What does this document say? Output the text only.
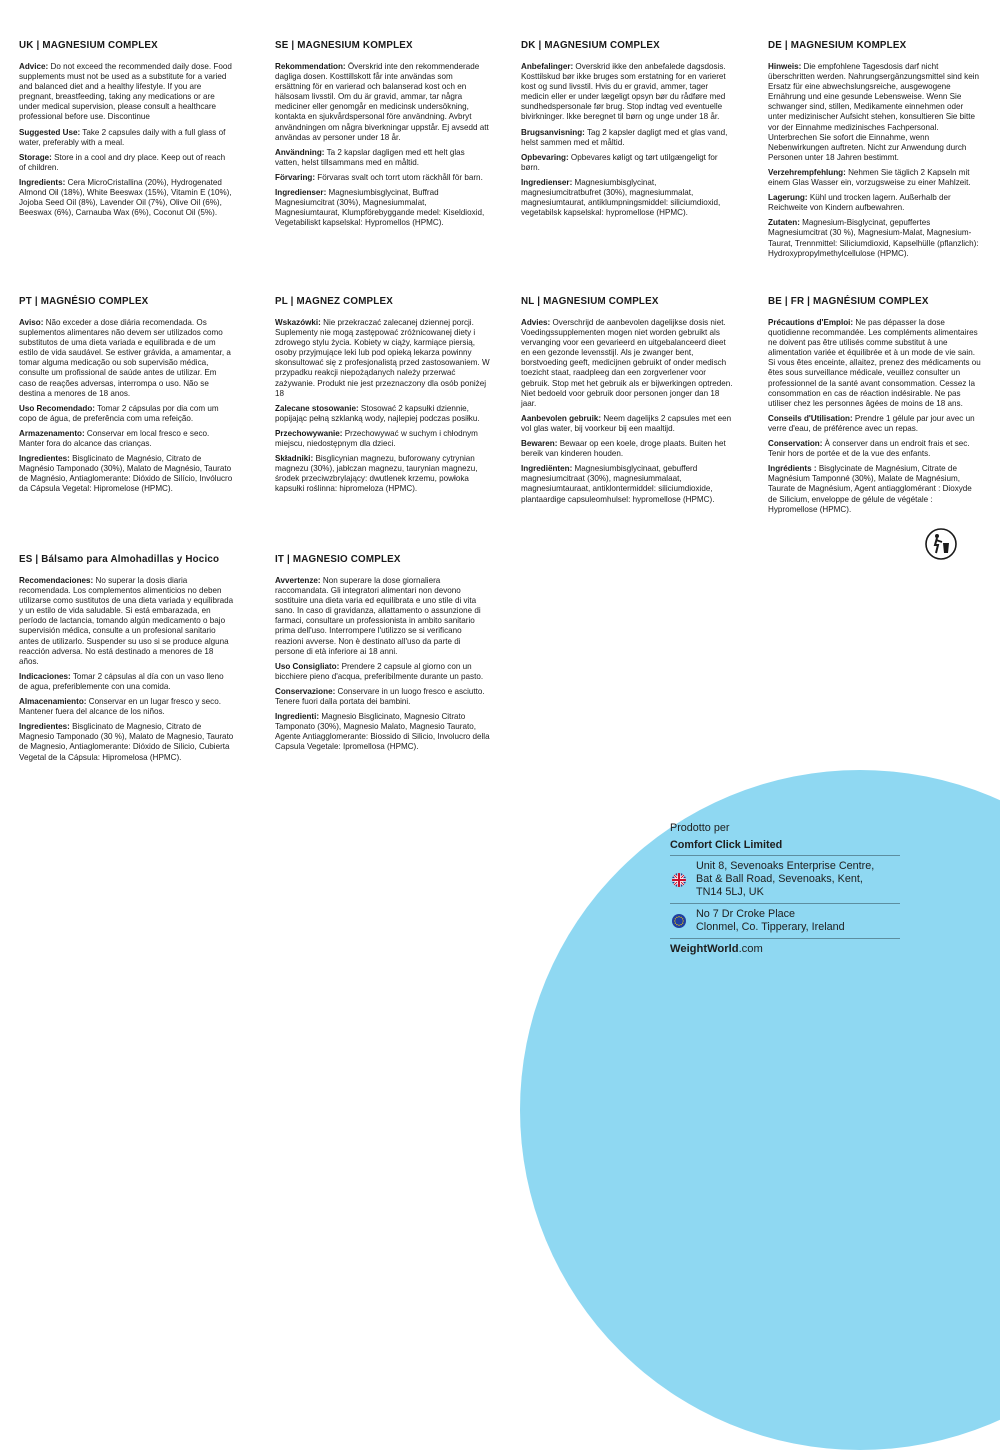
UK | MAGNESIUM COMPLEX

Advice: Do not exceed the recommended daily dose. Food supplements must not be used as a substitute for a varied and balanced diet and a healthy lifestyle. If you are pregnant, breastfeeding, taking any medications or are under medical supervision, please consult a healthcare professional before use. Discontinue

Suggested Use: Take 2 capsules daily with a full glass of water, preferably with a meal.

Storage: Store in a cool and dry place. Keep out of reach of children.

Ingredients: Cera MicroCristallina (20%), Hydrogenated Almond Oil (18%), White Beeswax (15%), Vitamin E (10%), Jojoba Seed Oil (8%), Lavender Oil (7%), Olive Oil (6%), Beeswax (6%), Carnauba Wax (6%), Coconut Oil (5%).

SE | MAGNESIUM KOMPLEX

Rekommendation: Överskrid inte den rekommenderade dagliga dosen. Kosttillskott får inte användas som ersättning för en varierad och balanserad kost och en hälsosam livsstil. Om du är gravid, ammar, tar några mediciner eller genomgår en medicinsk undersökning, kontakta en sjukvårdspersonal före användning. Avbryt användningen om några biverkningar uppstår. Ej avsedd att användas av personer under 18 år.

Användning: Ta 2 kapslar dagligen med ett helt glas vatten, helst tillsammans med en måltid.

Förvaring: Förvaras svalt och torrt utom räckhåll för barn.

Ingredienser: Magnesiumbisglycinat, Buffrad Magnesiumcitrat (30%), Magnesiummalat, Magnesiumtaurat, Klumpförebyggande medel: Kiseldioxid, Vegetabiliskt kapselskal: Hypromellos (HPMC).

DK | MAGNESIUM COMPLEX

Anbefalinger: Overskrid ikke den anbefalede dagsdosis. Kosttilskud bør ikke bruges som erstatning for en varieret kost og sund livsstil. Hvis du er gravid, ammer, tager medicin eller er under lægeligt opsyn bør du rådføre med sundhedspersonale før brug. Stop indtag ved eventuelle bivirkninger. Ikke beregnet til børn og unge under 18 år.

Brugsanvisning: Tag 2 kapsler dagligt med et glas vand, helst sammen med et måltid.

Opbevaring: Opbevares køligt og tørt utilgængeligt for børn.

Ingredienser: Magnesiumbisglycinat, magnesiumcitratbufret (30%), magnesiummalat, magnesiumtaurat, antiklumpningsmiddel: siliciumdioxid, vegetabilsk kapselskal: hypromellose (HPMC).

DE | MAGNESIUM KOMPLEX

Hinweis: Die empfohlene Tagesdosis darf nicht überschritten werden. Nahrungsergänzungsmittel sind kein Ersatz für eine abwechslungsreiche, ausgewogene Ernährung und eine gesunde Lebensweise. Wenn Sie schwanger sind, stillen, Medikamente einnehmen oder unter medizinischer Aufsicht stehen, konsultieren Sie bitte vor der Einnahme medizinisches Fachpersonal. Unterbrechen Sie sofort die Einnahme, wenn Nebenwirkungen auftreten. Nicht zur Anwendung durch Personen unter 18 Jahren bestimmt.

Verzehrempfehlung: Nehmen Sie täglich 2 Kapseln mit einem Glas Wasser ein, vorzugsweise zu einer Mahlzeit.

Lagerung: Kühl und trocken lagern. Außerhalb der Reichweite von Kindern aufbewahren.

Zutaten: Magnesium-Bisglycinat, gepuffertes Magnesiumcitrat (30 %), Magnesium-Malat, Magnesium-Taurat, Trennmittel: Siliciumdioxid, Kapselhülle (pflanzlich): Hydroxypropylmethylcellulose (HPMC).

PT | MAGNÉSIO COMPLEX

Aviso: Não exceder a dose diária recomendada. Os suplementos alimentares não devem ser utilizados como substitutos de uma dieta variada e equilibrada e de um estilo de vida saudável. Se estiver grávida, a amamentar, a tomar alguma medicação ou sob supervisão médica, consulte um profissional de saúde antes de utilizar. Em caso de reações adversas, interrompa o uso. Não se destina a menores de 18 anos.

Uso Recomendado: Tomar 2 cápsulas por dia com um copo de água, de preferência com uma refeição.

Armazenamento: Conservar em local fresco e seco. Manter fora do alcance das crianças.

Ingredientes: Bisglicinato de Magnésio, Citrato de Magnésio Tamponado (30%), Malato de Magnésio, Taurato de Magnésio, Antiaglomerante: Dióxido de Silício, Invólucro da Cápsula Vegetal: Hipromelose (HPMC).

PL | MAGNEZ COMPLEX

Wskazówki: Nie przekraczać zalecanej dziennej porcji. Suplementy nie mogą zastępować zróżnicowanej diety i zdrowego stylu życia. Kobiety w ciąży, karmiące piersią, osoby przyjmujące leki lub pod opieką lekarza powinny skonsultować się z profesjonalistą przed zastosowaniem. W przypadku reakcji niepożądanych należy przerwać zażywanie. Produkt nie jest przeznaczony dla osób poniżej 18

Zalecane stosowanie: Stosować 2 kapsułki dziennie, popijając pełną szklanką wody, najlepiej podczas posiłku.

Przechowywanie: Przechowywać w suchym i chłodnym miejscu, niedostępnym dla dzieci.

Składniki: Bisglicynian magnezu, buforowany cytrynian magnezu (30%), jabłczan magnezu, taurynian magnezu, środek przeciwzbrylający: dwutlenek krzemu, powłoka kapsułki roślinna: hipromeloza (HPMC).

NL | MAGNESIUM COMPLEX

Advies: Overschrijd de aanbevolen dagelijkse dosis niet. Voedingssupplementen mogen niet worden gebruikt als vervanging voor een gevarieerd en uitgebalanceerd dieet en een gezonde levensstijl. Als je zwanger bent, borstvoeding geeft, medicijnen gebruikt of onder medisch toezicht staat, raadpleeg dan een zorgverlener voor gebruik. Stop met het gebruik als er bijwerkingen optreden. Niet bedoeld voor gebruik door personen jonger dan 18 jaar.

Aanbevolen gebruik: Neem dagelijks 2 capsules met een vol glas water, bij voorkeur bij een maaltijd.

Bewaren: Bewaar op een koele, droge plaats. Buiten het bereik van kinderen houden.

Ingrediënten: Magnesiumbisglycinaat, gebufferd magnesiumcitraat (30%), magnesiummalaat, magnesiumtauraat, antiklontermiddel: siliciumdioxide, plantaardige capsuleomhulsel: hypromellose (HPMC).

BE | FR | MAGNÉSIUM COMPLEX

Précautions d'Emploi: Ne pas dépasser la dose quotidienne recommandée. Les compléments alimentaires ne doivent pas être utilisés comme substitut à une alimentation variée et équilibrée et à un mode de vie sain. Si vous êtes enceinte, allaitez, prenez des médicaments ou êtes sous surveillance médicale, veuillez consulter un professionnel de la santé avant consommation. Cessez la consommation en cas de réaction indésirable. Ne pas utiliser chez les personnes âgées de moins de 18 ans.

Conseils d'Utilisation: Prendre 1 gélule par jour avec un verre d'eau, de préférence avec un repas.

Conservation: À conserver dans un endroit frais et sec. Tenir hors de portée et de la vue des enfants.

Ingrédients : Bisglycinate de Magnésium, Citrate de Magnésium Tamponné (30%), Malate de Magnésium, Taurate de Magnésium, Agent antiagglomérant : Dioxyde de Silicium, enveloppe de gélule de végétale : Hypromellose (HPMC).

ES | Bálsamo para Almohadillas y Hocico

Recomendaciones: No superar la dosis diaria recomendada. Los complementos alimenticios no deben utilizarse como sustitutos de una dieta variada y equilibrada y un estilo de vida saludable. Si está embarazada, en período de lactancia, tomando algún medicamento o bajo supervisión médica, consulte a un profesional sanitario antes de utilizarlo. Suspender su uso si se produce alguna reacción adversa. No está destinado a menores de 18 años.

Indicaciones: Tomar 2 cápsulas al día con un vaso lleno de agua, preferiblemente con una comida.

Almacenamiento: Conservar en un lugar fresco y seco. Mantener fuera del alcance de los niños.

Ingredientes: Bisglicinato de Magnesio, Citrato de Magnesio Tamponado (30 %), Malato de Magnesio, Taurato de Magnesio, Antiaglomerante: Dióxido de Silicio, Cubierta Vegetal de la Cápsula: Hipromelosa (HPMC).

IT | MAGNESIO COMPLEX

Avvertenze: Non superare la dose giornaliera raccomandata. Gli integratori alimentari non devono sostituire una dieta varia ed equilibrata e uno stile di vita sano. In caso di gravidanza, allattamento o assunzione di farmaci, consultare un professionista in ambito sanitario prima dell'uso. Interrompere l'utilizzo se si verificano reazioni avverse. Non è destinato all'uso da parte di persone di età inferiore ai 18 anni.

Uso Consigliato: Prendere 2 capsule al giorno con un bicchiere pieno d'acqua, preferibilmente durante un pasto.

Conservazione: Conservare in un luogo fresco e asciutto. Tenere fuori dalla portata dei bambini.

Ingredienti: Magnesio Bisglicinato, Magnesio Citrato Tamponato (30%), Magnesio Malato, Magnesio Taurato, Agente Antiagglomerante: Biossido di Silicio, Involucro della Capsula Vegetale: Ipromellosa (HPMC).

Prodotto per
Comfort Click Limited
Unit 8, Sevenoaks Enterprise Centre,
Bat & Ball Road, Sevenoaks, Kent,
TN14 5LJ, UK
No 7 Dr Croke Place
Clonmel, Co. Tipperary, Ireland
WeightWorld.com
